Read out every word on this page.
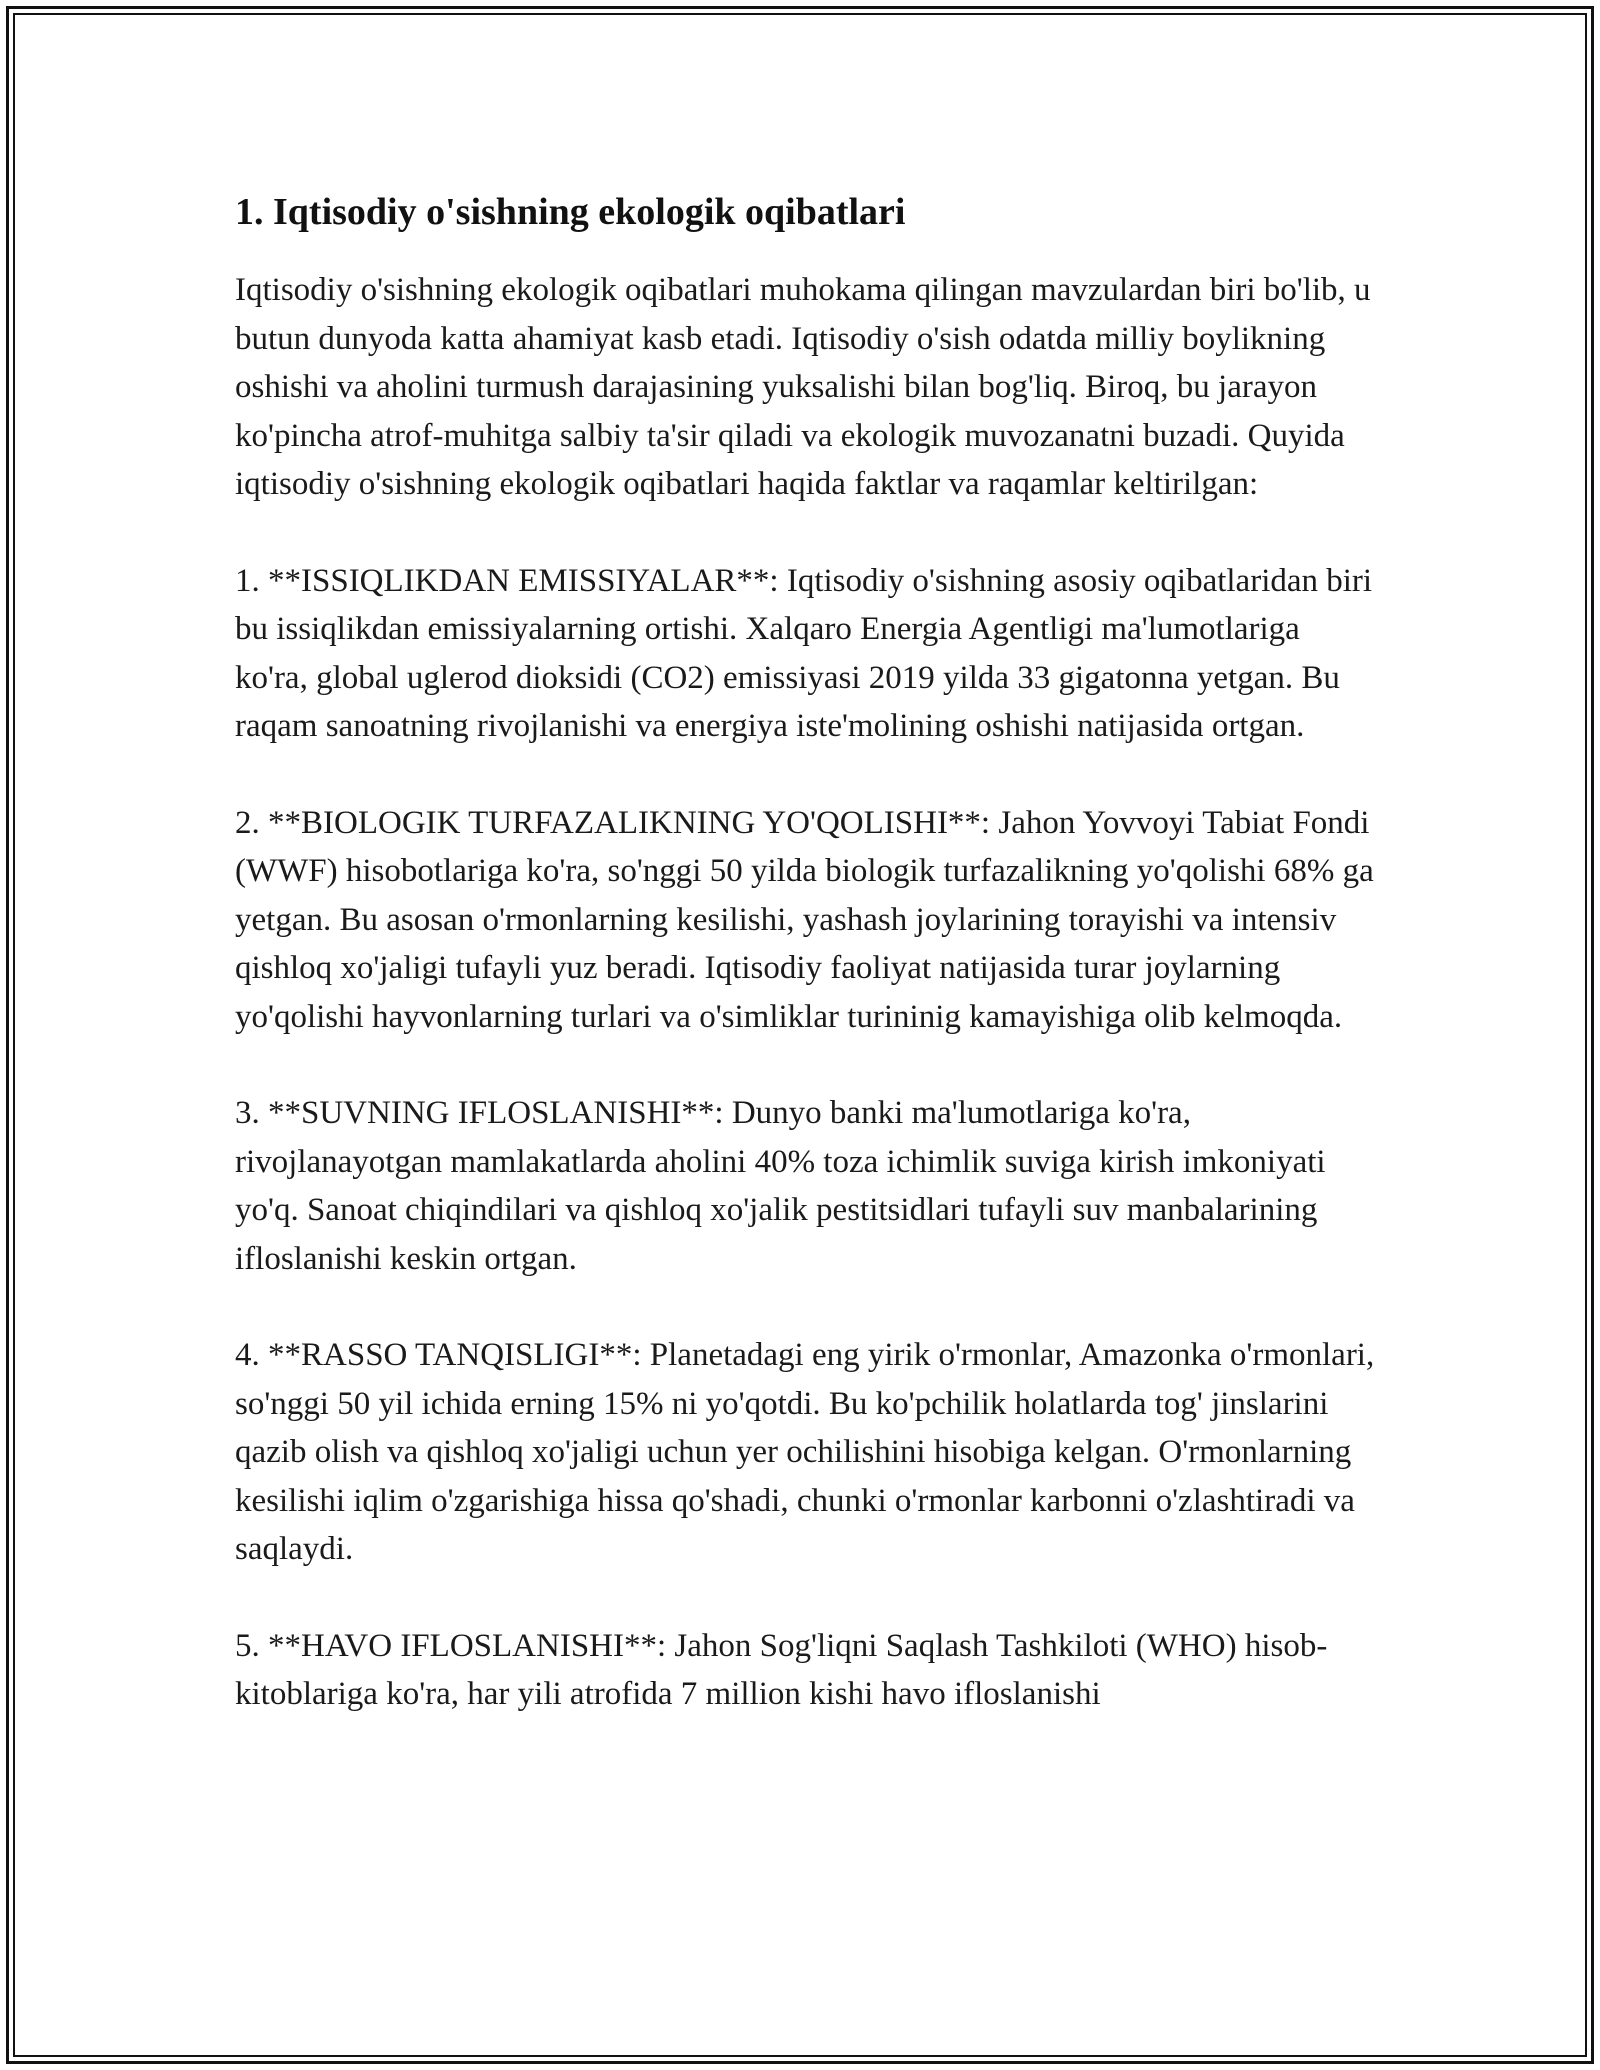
1. Iqtisodiy o'sishning ekologik oqibatlari

Iqtisodiy o'sishning ekologik oqibatlari muhokama qilingan mavzulardan biri bo'lib, u butun dunyoda katta ahamiyat kasb etadi. Iqtisodiy o'sish odatda milliy boylikning oshishi va aholini turmush darajasining yuksalishi bilan bog'liq. Biroq, bu jarayon ko'pincha atrof-muhitga salbiy ta'sir qiladi va ekologik muvozanatni buzadi. Quyida iqtisodiy o'sishning ekologik oqibatlari haqida faktlar va raqamlar keltirilgan:

1. **ISSIQLIKDAN EMISSIYALAR**: Iqtisodiy o'sishning asosiy oqibatlaridan biri bu issiqlikdan emissiyalarning ortishi. Xalqaro Energia Agentligi ma'lumotlariga ko'ra, global uglerod dioksidi (CO2) emissiyasi 2019 yilda 33 gigatonna yetgan. Bu raqam sanoatning rivojlanishi va energiya iste'molining oshishi natijasida ortgan.

2. **BIOLOGIK TURFAZALIKNING YO'QOLISHI**: Jahon Yovvoyi Tabiat Fondi (WWF) hisobotlariga ko'ra, so'nggi 50 yilda biologik turfazalikning yo'qolishi 68% ga yetgan. Bu asosan o'rmonlarning kesilishi, yashash joylarining torayishi va intensiv qishloq xo'jaligi tufayli yuz beradi. Iqtisodiy faoliyat natijasida turar joylarning yo'qolishi hayvonlarning turlari va o'simliklar turininig kamayishiga olib kelmoqda.

3. **SUVNING IFLOSLANISHI**: Dunyo banki ma'lumotlariga ko'ra, rivojlanayotgan mamlakatlarda aholini 40% toza ichimlik suviga kirish imkoniyati yo'q. Sanoat chiqindilari va qishloq xo'jalik pestitsidlari tufayli suv manbalarining ifloslanishi keskin ortgan.

4. **RASSO TANQISLIGI**: Planetadagi eng yirik o'rmonlar, Amazonka o'rmonlari, so'nggi 50 yil ichida erning 15% ni yo'qotdi. Bu ko'pchilik holatlarda tog' jinslarini qazib olish va qishloq xo'jaligi uchun yer ochilishini hisobiga kelgan. O'rmonlarning kesilishi iqlim o'zgarishiga hissa qo'shadi, chunki o'rmonlar karbonni o'zlashtiradi va saqlaydi.

5. **HAVO IFLOSLANISHI**: Jahon Sog'liqni Saqlash Tashkiloti (WHO) hisob-kitoblariga ko'ra, har yili atrofida 7 million kishi havo ifloslanishi
